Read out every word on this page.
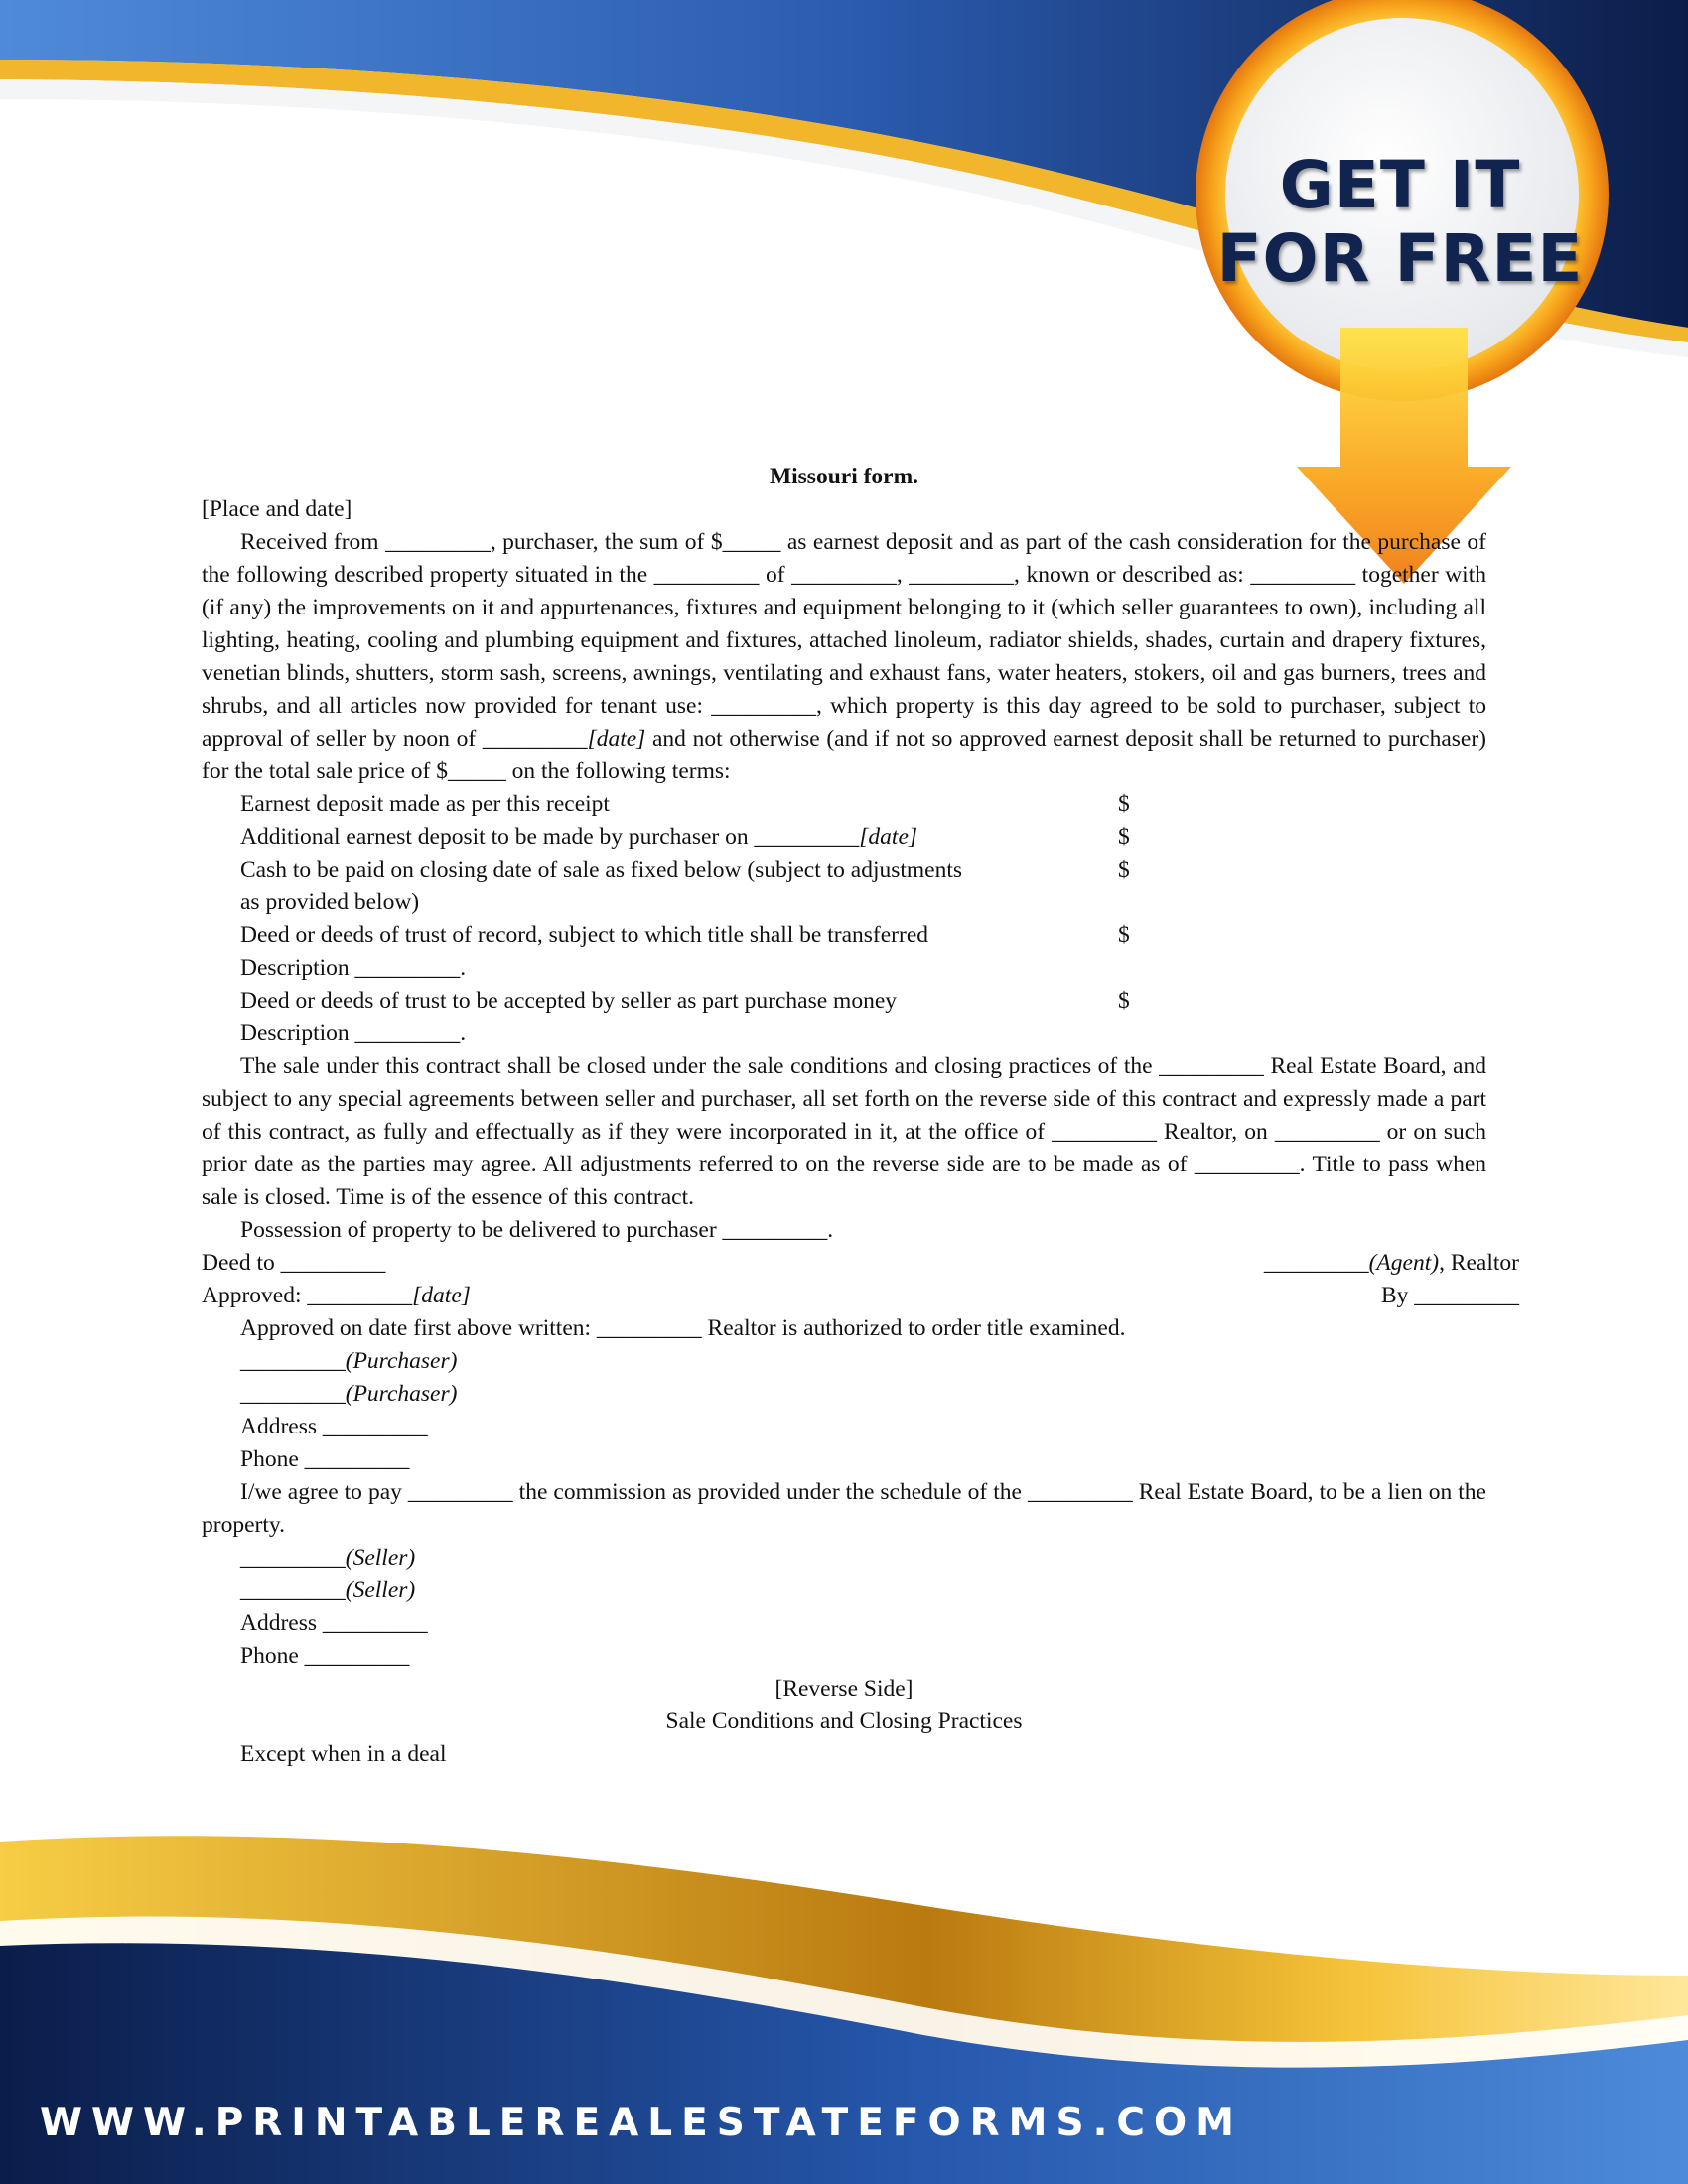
GET IT
FOR FREE

Missouri form.

[Place and date]

Received from _________, purchaser, the sum of $_____ as earnest deposit and as part of the cash consideration for the purchase of the following described property situated in the _________ of _________, _________, known or described as: _________ together with (if any) the improvements on it and appurtenances, fixtures and equipment belonging to it (which seller guarantees to own), including all lighting, heating, cooling and plumbing equipment and fixtures, attached linoleum, radiator shields, shades, curtain and drapery fixtures, venetian blinds, shutters, storm sash, screens, awnings, ventilating and exhaust fans, water heaters, stokers, oil and gas burners, trees and shrubs, and all articles now provided for tenant use: _________, which property is this day agreed to be sold to purchaser, subject to approval of seller by noon of _________[date] and not otherwise (and if not so approved earnest deposit shall be returned to purchaser) for the total sale price of $_____ on the following terms:

Earnest deposit made as per this receipt	$
Additional earnest deposit to be made by purchaser on _________[date]	$
Cash to be paid on closing date of sale as fixed below (subject to adjustments	$
as provided below)
Deed or deeds of trust of record, subject to which title shall be transferred	$
Description _________.
Deed or deeds of trust to be accepted by seller as part purchase money	$
Description _________.

The sale under this contract shall be closed under the sale conditions and closing practices of the _________ Real Estate Board, and subject to any special agreements between seller and purchaser, all set forth on the reverse side of this contract and expressly made a part of this contract, as fully and effectually as if they were incorporated in it, at the office of _________ Realtor, on _________ or on such prior date as the parties may agree. All adjustments referred to on the reverse side are to be made as of _________. Title to pass when sale is closed. Time is of the essence of this contract.

Possession of property to be delivered to purchaser _________.

Deed to _________	_________(Agent), Realtor
Approved: _________[date]	By _________

Approved on date first above written: _________ Realtor is authorized to order title examined.

_________(Purchaser)
_________(Purchaser)
Address _________
Phone _________

I/we agree to pay _________ the commission as provided under the schedule of the _________ Real Estate Board, to be a lien on the property.

_________(Seller)
_________(Seller)
Address _________
Phone _________

[Reverse Side]

Sale Conditions and Closing Practices

Except when in a deal

WWW.PRINTABLEREALESTATEFORMS.COM
